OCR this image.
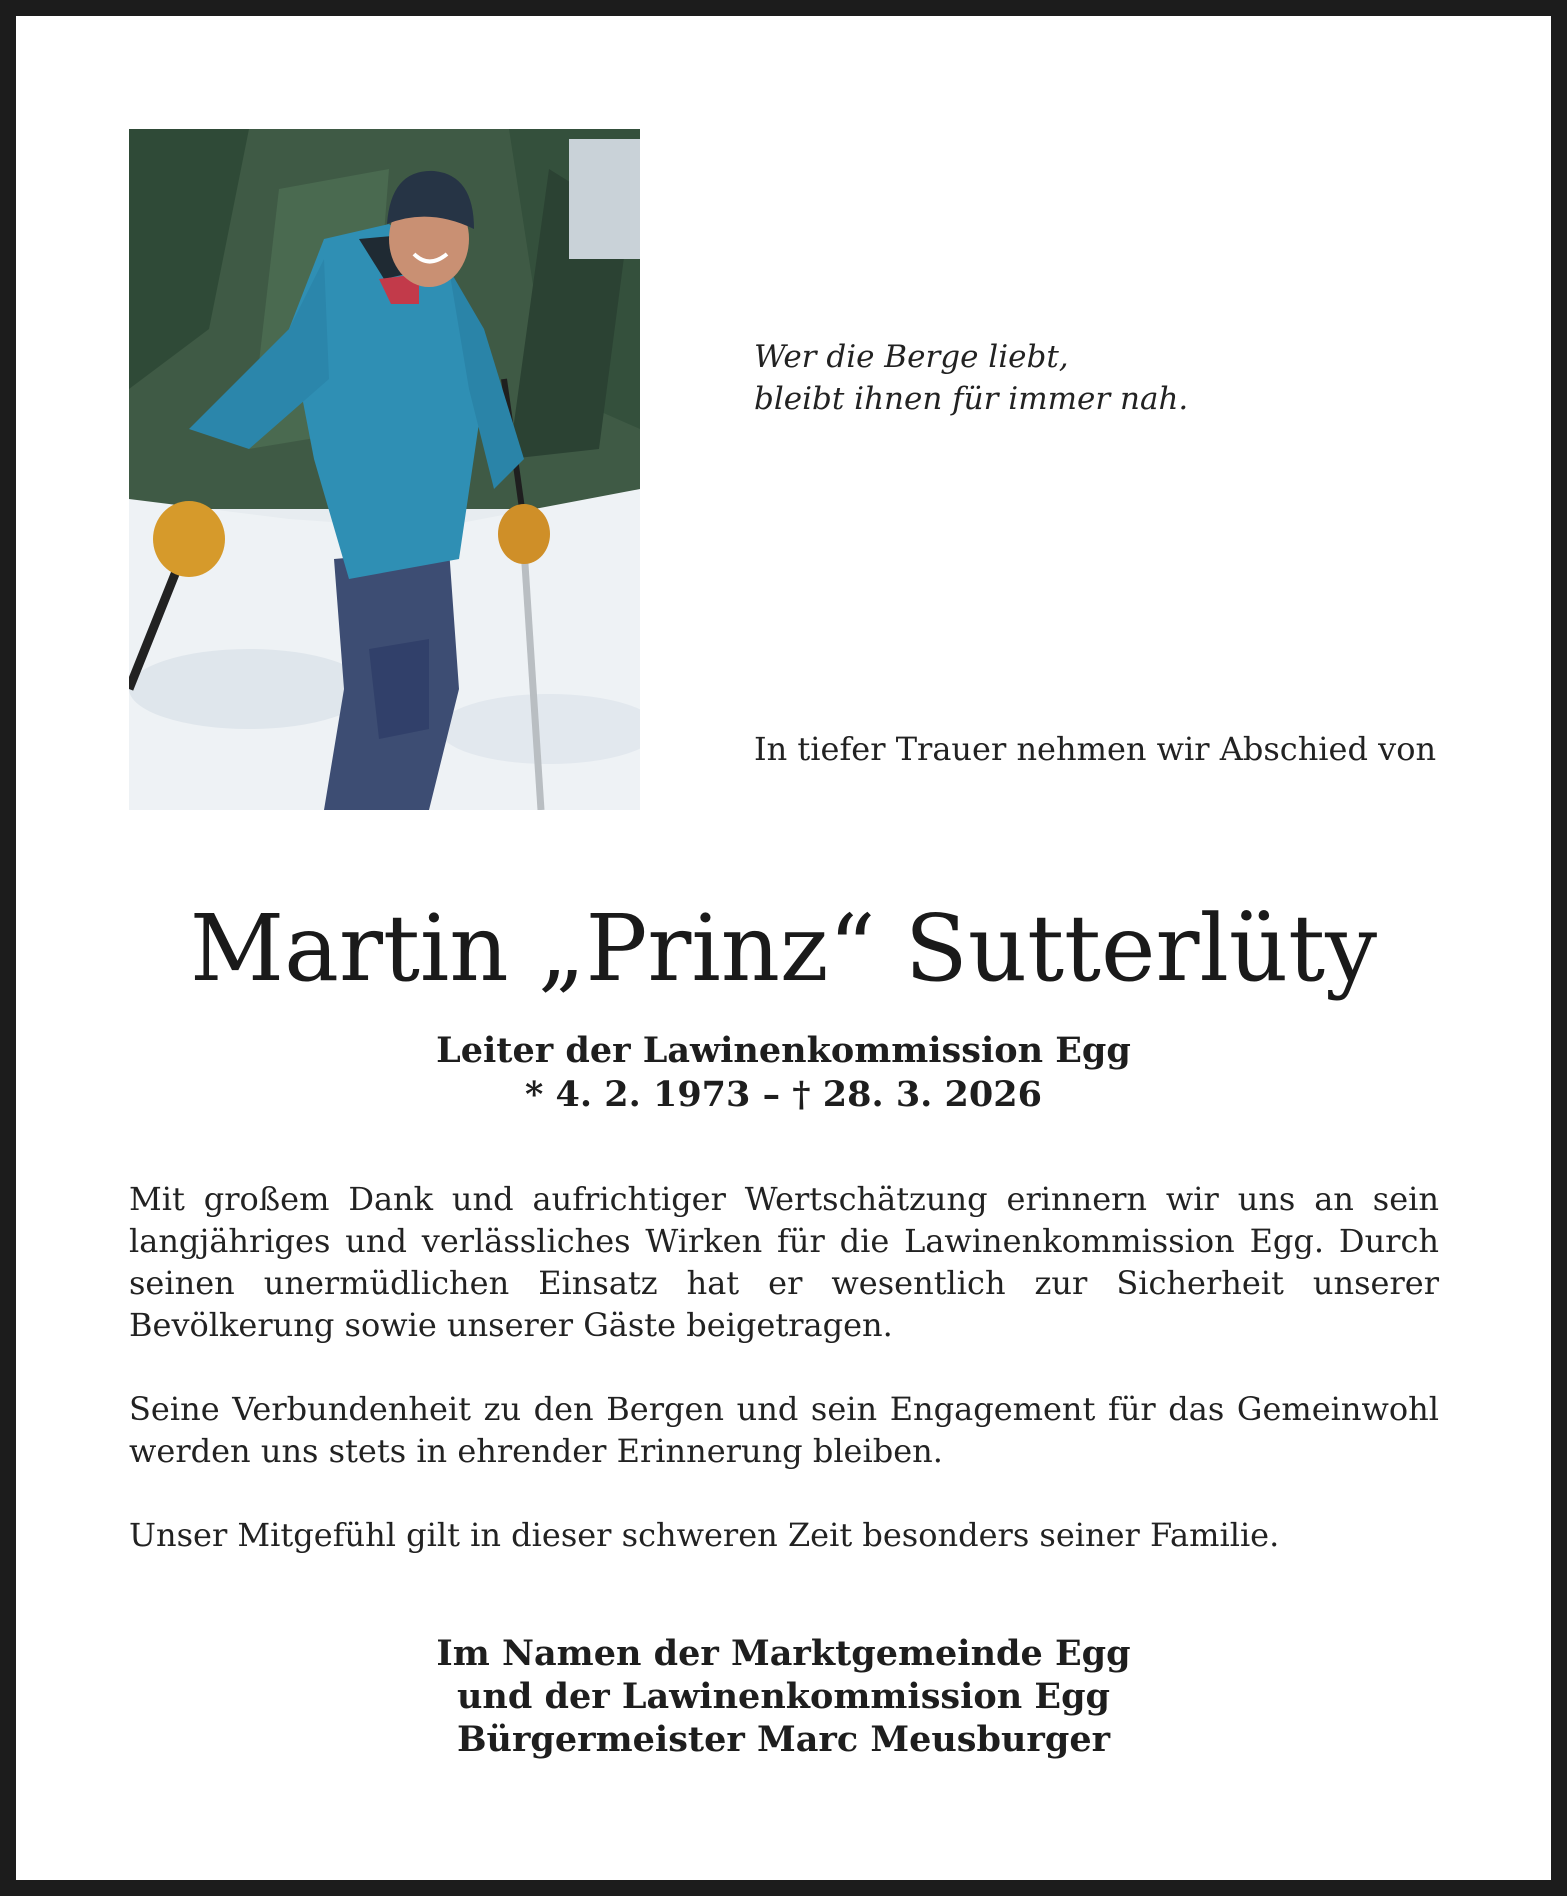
Wer die Berge liebt,
bleibt ihnen für immer nah.
In tiefer Trauer nehmen wir Abschied von
Martin „Prinz“ Sutterlüty
Leiter der Lawinenkommission Egg
* 4. 2. 1973 – † 28. 3. 2026

Mit großem Dank und aufrichtiger Wertschätzung erinnern wir uns an sein langjähriges und verlässliches Wirken für die Lawinenkommission Egg. Durch seinen unermüdlichen Einsatz hat er wesentlich zur Sicherheit unserer Bevölkerung sowie unserer Gäste beigetragen.

Seine Verbundenheit zu den Bergen und sein Engagement für das Gemeinwohl werden uns stets in ehrender Erinnerung bleiben.

Unser Mitgefühl gilt in dieser schweren Zeit besonders seiner Familie.

Im Namen der Marktgemeinde Egg
und der Lawinenkommission Egg
Bürgermeister Marc Meusburger
